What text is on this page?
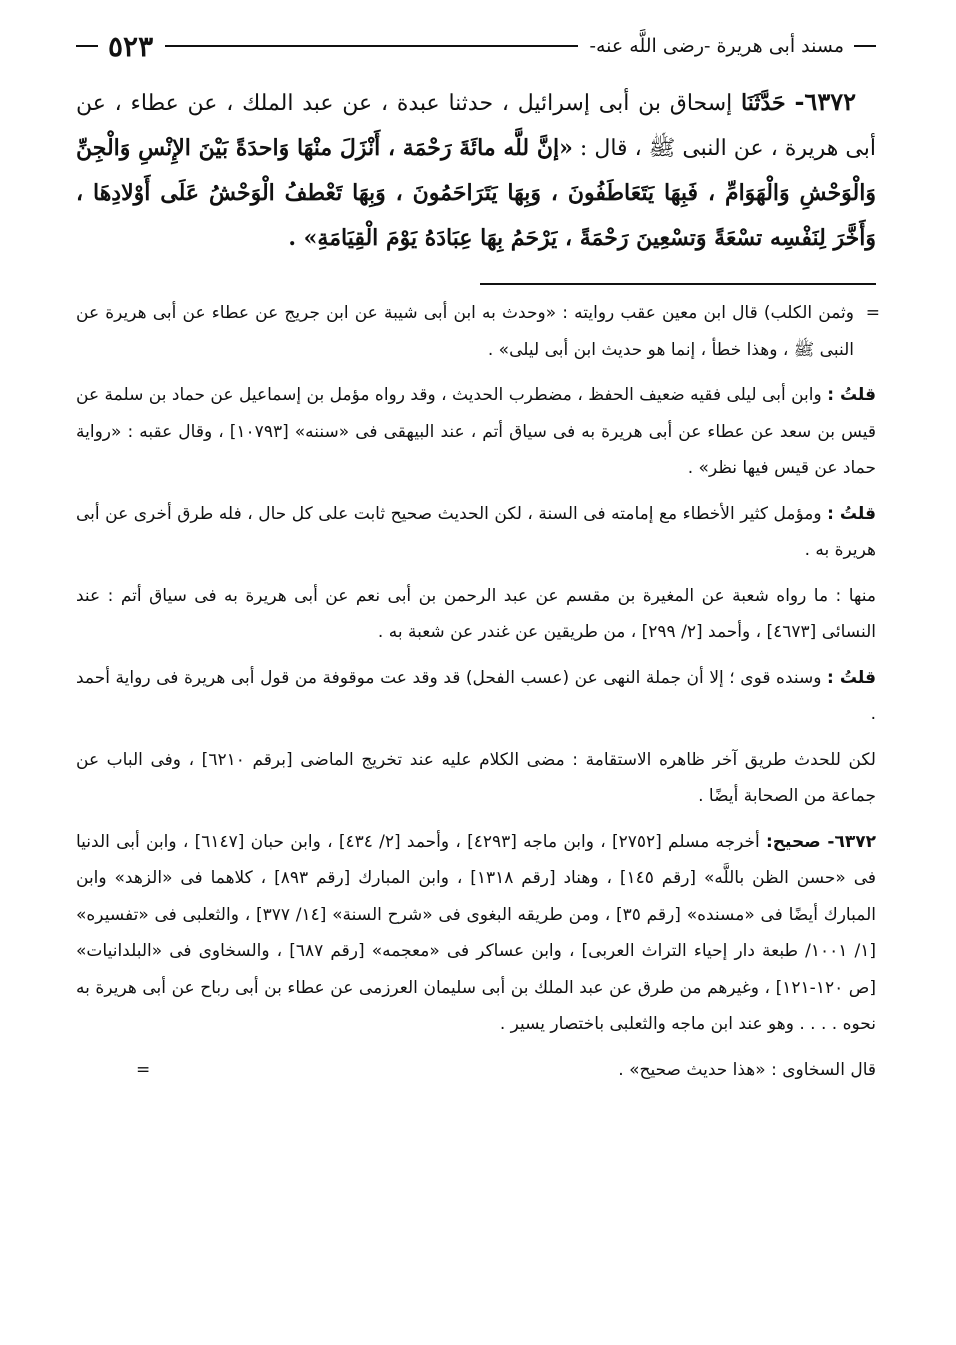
مسند أبى هريرة -رضى اللَّه عنه-
٥٢٣
٦٣٧٢- حَدَّثَنَا إسحاق بن أبى إسرائيل ، حدثنا عبدة ، عن عبد الملك ، عن عطاء ، عن أبى هريرة ، عن النبى ﷺ ، قال : «إنَّ للَّه مائَةَ رَحْمَة ، أَنْزَلَ منْهَا وَاحدَةً بَيْنَ الإِنْسِ وَالْجِنِّ وَالْوَحْشِ وَالْهَوَامِّ ، فَبِهَا يَتَعَاطَفُونَ ، وَبِهَا يَتَرَاحَمُونَ ، وَبِهَا تَعْطفُ الْوَحْشُ عَلَى أَوْلادِهَا ، وَأَخَّرَ لِنَفْسِه تسْعَةً وَتسْعِينَ رَحْمَةً ، يَرْحَمُ بِهَا عِبَادَهُ يَوْمَ الْقِيَامَةِ» .

=
وثمن الكلب) قال ابن معين عقب روايته : «وحدث به ابن أبى شيبة عن ابن جريج عن عطاء عن أبى هريرة عن النبى ﷺ ، وهذا خطأ ، إنما هو حديث ابن أبى ليلى» .

قلتُ : وابن أبى ليلى فقيه ضعيف الحفظ ، مضطرب الحديث ، وقد رواه مؤمل بن إسماعيل عن حماد بن سلمة عن قيس بن سعد عن عطاء عن أبى هريرة به فى سياق أتم ، عند البيهقى فى «سننه» [١٠٧٩٣] ، وقال عقبه : «رواية حماد عن قيس فيها نظر» .

قلتُ : ومؤمل كثير الأخطاء مع إمامته فى السنة ، لكن الحديث صحيح ثابت على كل حال ، فله طرق أخرى عن أبى هريرة به .

منها : ما رواه شعبة عن المغيرة بن مقسم عن عبد الرحمن بن أبى نعم عن أبى هريرة به فى سياق أتم : عند النسائى [٤٦٧٣] ، وأحمد [٢/ ٢٩٩] ، من طريقين عن غندر عن شعبة به .

قلتُ : وسنده قوى ؛ إلا أن جملة النهى عن (عسب الفحل) قد وقد عت موقوفة من قول أبى هريرة فى رواية أحمد .

لكن للحدث طريق آخر ظاهره الاستقامة : مضى الكلام عليه عند تخريج الماضى [برقم ٦٢١٠] ، وفى الباب عن جماعة من الصحابة أيضًا .

٦٣٧٢- صحيح: أخرجه مسلم [٢٧٥٢] ، وابن ماجه [٤٢٩٣] ، وأحمد [٢/ ٤٣٤] ، وابن حبان [٦١٤٧] ، وابن أبى الدنيا فى «حسن الظن باللَّه» [رقم ١٤٥] ، وهناد [رقم ١٣١٨] ، وابن المبارك [رقم ٨٩٣] ، كلاهما فى «الزهد» وابن المبارك أيضًا فى «مسنده» [رقم ٣٥] ، ومن طريقه البغوى فى «شرح السنة» [١٤/ ٣٧٧] ، والثعلبى فى «تفسيره» [١/ ١٠٠١/ طبعة دار إحياء التراث العربى] ، وابن عساكر فى «معجمه» [رقم ٦٨٧] ، والسخاوى فى «البلدانيات» [ص ١٢٠-١٢١] ، وغيرهم من طرق عن عبد الملك بن أبى سليمان العرزمى عن عطاء بن أبى رباح عن أبى هريرة به نحوه . . . . وهو عند ابن ماجه والثعلبى باختصار يسير .

قال السخاوى : «هذا حديث صحيح» .
=
